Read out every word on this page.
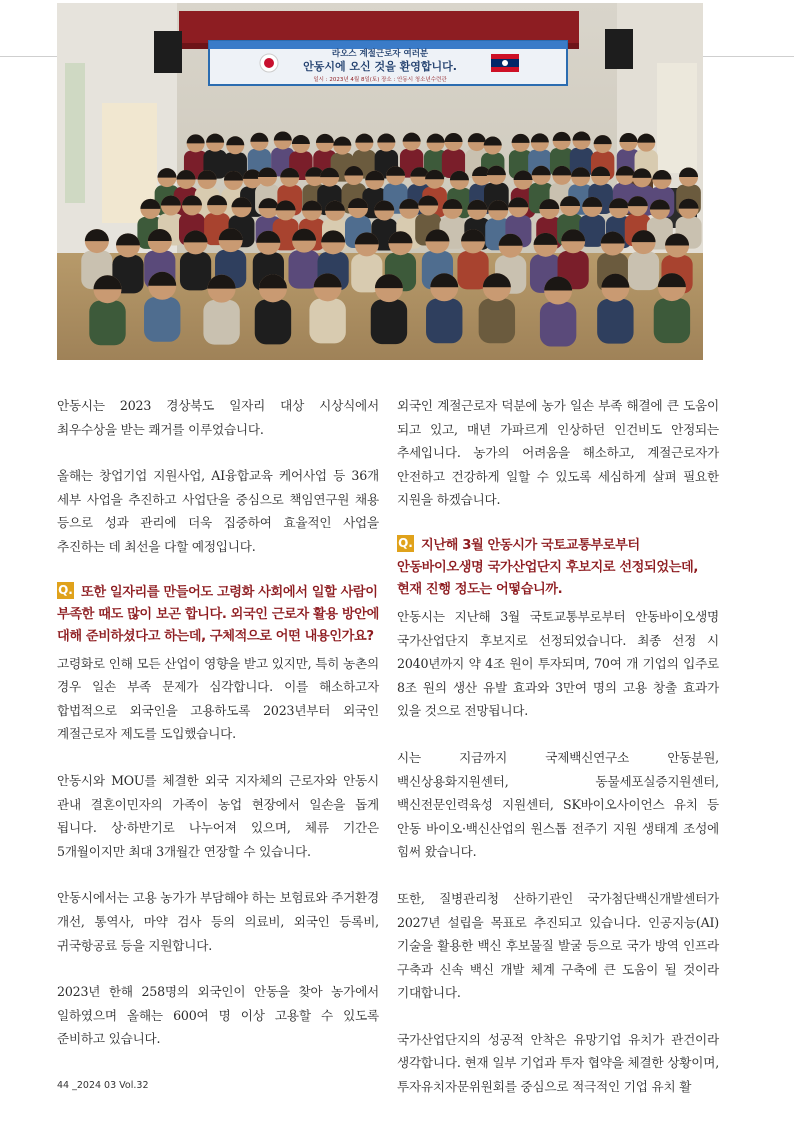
라오스 계절근로자 여러분
안동시에 오신 것을 환영합니다.
일시 : 2023년 4월 8일(토) 장소 : 안동시 청소년수련관

안동시는 2023 경상북도 일자리 대상 시상식에서 최우수상을 받는 쾌거를 이루었습니다.

올해는 창업기업 지원사업, AI융합교육 케어사업 등 36개 세부 사업을 추진하고 사업단을 중심으로 책임연구원 채용 등으로 성과 관리에 더욱 집중하여 효율적인 사업을 추진하는 데 최선을 다할 예정입니다.

Q. 또한 일자리를 만들어도 고령화 사회에서 일할 사람이 부족한 때도 많이 보곤 합니다. 외국인 근로자 활용 방안에 대해 준비하셨다고 하는데, 구체적으로 어떤 내용인가요?

고령화로 인해 모든 산업이 영향을 받고 있지만, 특히 농촌의 경우 일손 부족 문제가 심각합니다. 이를 해소하고자 합법적으로 외국인을 고용하도록 2023년부터 외국인 계절근로자 제도를 도입했습니다.

안동시와 MOU를 체결한 외국 지자체의 근로자와 안동시 관내 결혼이민자의 가족이 농업 현장에서 일손을 돕게 됩니다. 상·하반기로 나누어져 있으며, 체류 기간은 5개월이지만 최대 3개월간 연장할 수 있습니다.

안동시에서는 고용 농가가 부담해야 하는 보험료와 주거환경 개선, 통역사, 마약 검사 등의 의료비, 외국인 등록비, 귀국항공료 등을 지원합니다.

2023년 한해 258명의 외국인이 안동을 찾아 농가에서 일하였으며 올해는 600여 명 이상 고용할 수 있도록 준비하고 있습니다.

외국인 계절근로자 덕분에 농가 일손 부족 해결에 큰 도움이 되고 있고, 매년 가파르게 인상하던 인건비도 안정되는 추세입니다. 농가의 어려움을 해소하고, 계절근로자가 안전하고 건강하게 일할 수 있도록 세심하게 살펴 필요한 지원을 하겠습니다.

Q. 지난해 3월 안동시가 국토교통부로부터 안동바이오생명 국가산업단지 후보지로 선정되었는데, 현재 진행 정도는 어떻습니까.

안동시는 지난해 3월 국토교통부로부터 안동바이오생명 국가산업단지 후보지로 선정되었습니다. 최종 선정 시 2040년까지 약 4조 원이 투자되며, 70여 개 기업의 입주로 8조 원의 생산 유발 효과와 3만여 명의 고용 창출 효과가 있을 것으로 전망됩니다.

시는 지금까지 국제백신연구소 안동분원, 백신상용화지원센터, 동물세포실증지원센터, 백신전문인력육성 지원센터, SK바이오사이언스 유치 등 안동 바이오·백신산업의 원스톱 전주기 지원 생태계 조성에 힘써 왔습니다.

또한, 질병관리청 산하기관인 국가첨단백신개발센터가 2027년 설립을 목표로 추진되고 있습니다. 인공지능(AI) 기술을 활용한 백신 후보물질 발굴 등으로 국가 방역 인프라 구축과 신속 백신 개발 체계 구축에 큰 도움이 될 것이라 기대합니다.

국가산업단지의 성공적 안착은 유망기업 유치가 관건이라 생각합니다. 현재 일부 기업과 투자 협약을 체결한 상황이며, 투자유치자문위원회를 중심으로 적극적인 기업 유치 활

44 _2024 03 Vol.32
